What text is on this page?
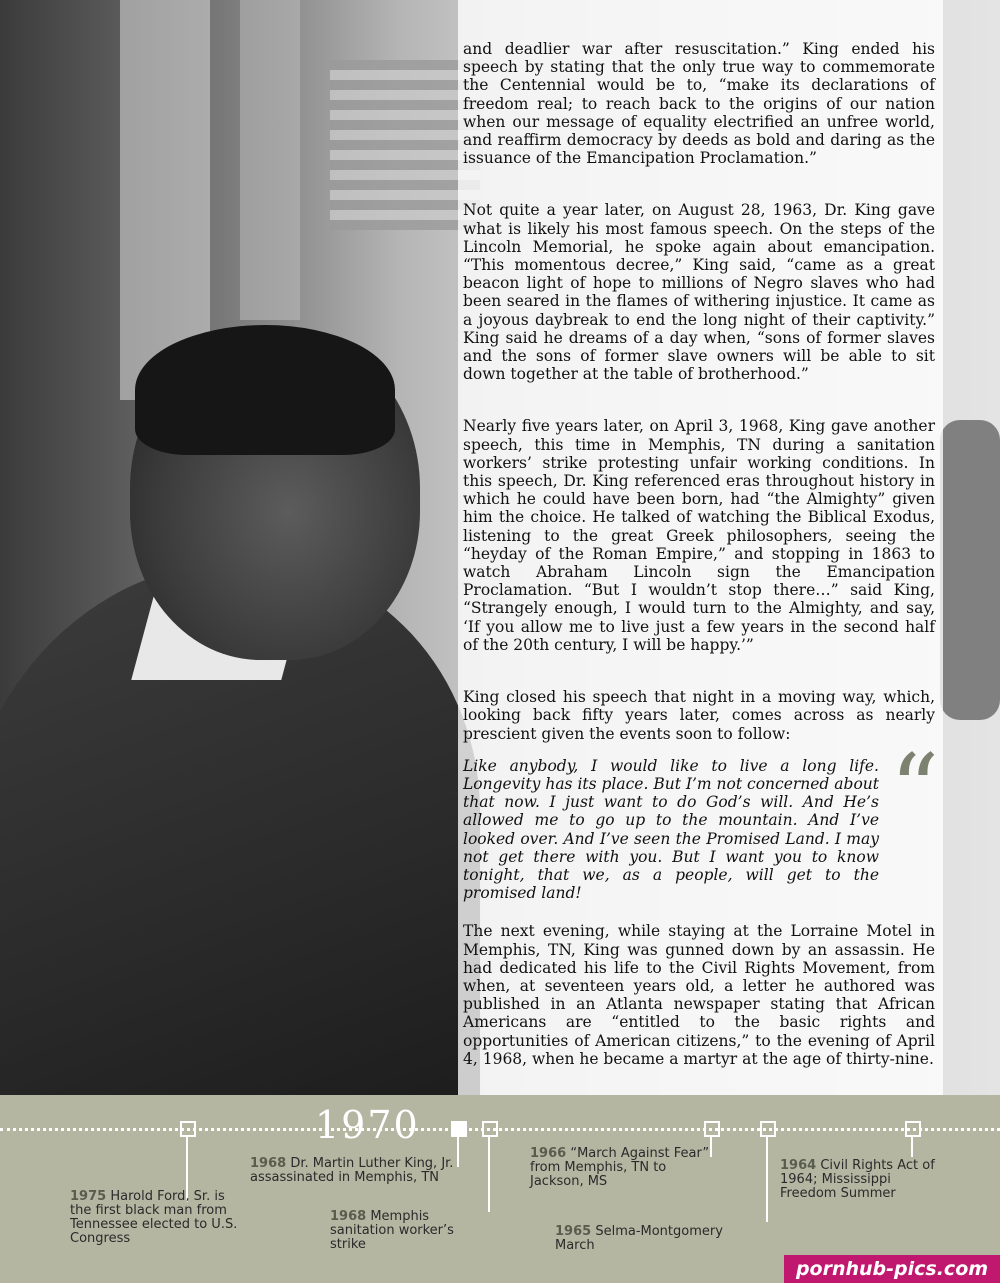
“

and deadlier war after resuscitation.” King ended his speech by stating that the only true way to commemorate the Centennial would be to, “make its declarations of freedom real; to reach back to the origins of our nation when our message of equality electrified an unfree world, and reaffirm democracy by deeds as bold and daring as the issuance of the Emancipation Proclamation.”

Not quite a year later, on August 28, 1963, Dr. King gave what is likely his most famous speech. On the steps of the Lincoln Memorial, he spoke again about emancipation. “This momentous decree,” King said, “came as a great beacon light of hope to millions of Negro slaves who had been seared in the flames of withering injustice. It came as a joyous daybreak to end the long night of their captivity.” King said he dreams of a day when, “sons of former slaves and the sons of former slave owners will be able to sit down together at the table of brotherhood.”

Nearly five years later, on April 3, 1968, King gave another speech, this time in Memphis, TN during a sanitation workers’ strike protesting unfair working conditions. In this speech, Dr. King referenced eras throughout history in which he could have been born, had “the Almighty” given him the choice. He talked of watching the Biblical Exodus, listening to the great Greek philosophers, seeing the “heyday of the Roman Empire,” and stopping in 1863 to watch Abraham Lincoln sign the Emancipation Proclamation. “But I wouldn’t stop there…” said King, “Strangely enough, I would turn to the Almighty, and say, ‘If you allow me to live just a few years in the second half of the 20th century, I will be happy.’”

King closed his speech that night in a moving way, which, looking back fifty years later, comes across as nearly prescient given the events soon to follow:

Like anybody, I would like to live a long life. Longevity has its place. But I’m not concerned about that now. I just want to do God’s will. And He’s allowed me to go up to the mountain. And I’ve looked over. And I’ve seen the Promised Land. I may not get there with you. But I want you to know tonight, that we, as a people, will get to the promised land!

The next evening, while staying at the Lorraine Motel in Memphis, TN, King was gunned down by an assassin. He had dedicated his life to the Civil Rights Movement, from when, at seventeen years old, a letter he authored was published in an Atlanta newspaper stating that African Americans are “entitled to the basic rights and opportunities of American citizens,” to the evening of April 4, 1968, when he became a martyr at the age of thirty-nine.

1970
1964 Civil Rights Act of 1964; Mississippi Freedom Summer
1965 Selma-Montgomery March
1966 “March Against Fear” from Memphis, TN to Jackson, MS
1968 Dr. Martin Luther King, Jr. assassinated in Memphis, TN
1968 Memphis sanitation worker’s strike
1975 Harold Ford, Sr. is the first black man from Tennessee elected to U.S. Congress
pornhub-pics.com
